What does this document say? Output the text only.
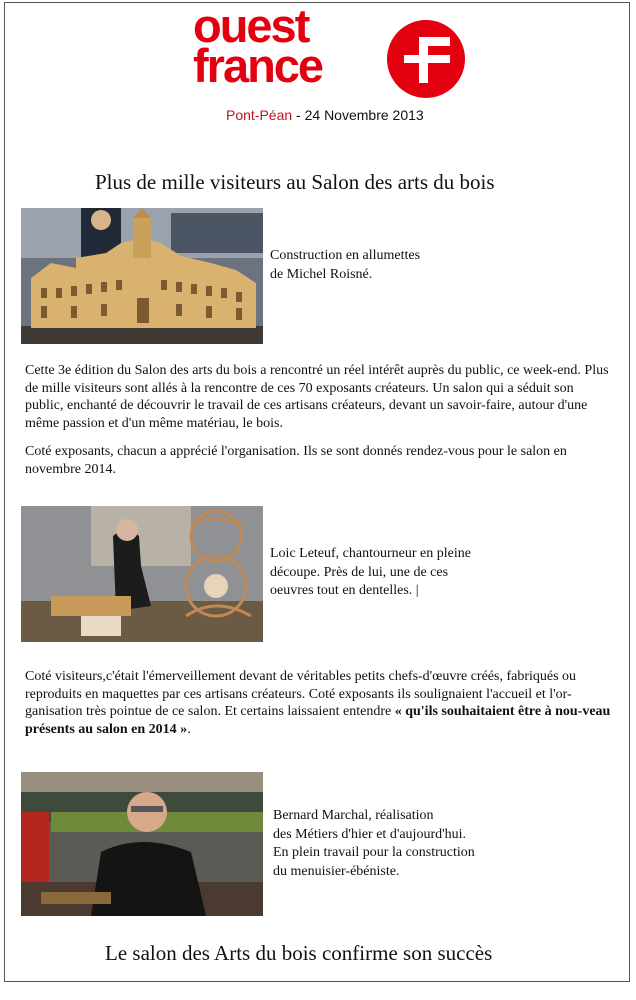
ouest
france
Pont-Péan - 24 Novembre 2013
Plus de mille visiteurs au Salon des arts du bois
Construction en allumettes
de Michel Roisné.
Cette 3e édition du Salon des arts du bois a rencontré un réel intérêt auprès du public, ce week-end. Plus de mille visiteurs sont allés à la rencontre de ces 70 exposants créateurs. Un salon qui a séduit son public, enchanté de découvrir le travail de ces artisans créateurs, devant un savoir-faire, autour d'une même passion et d'un même matériau, le bois.
Coté exposants, chacun a apprécié l'organisation. Ils se sont donnés rendez-vous pour le salon en novembre 2014.
Loic Leteuf, chantourneur en pleine
découpe. Près de lui, une de ces
oeuvres tout en dentelles. |
Coté visiteurs,c'était l'émerveillement devant de véritables petits chefs-d'œuvre créés, fabriqués ou reproduits en maquettes par ces artisans créateurs. Coté exposants ils soulignaient l'accueil et l'or-ganisation très pointue de ce salon. Et certains laissaient entendre « qu'ils souhaitaient être à nou-veau présents au salon en 2014 ».
Bernard Marchal, réalisation
des Métiers d'hier et d'aujourd'hui.
En plein travail pour la construction
du menuisier-ébéniste.
Le salon des Arts du bois confirme son succès
